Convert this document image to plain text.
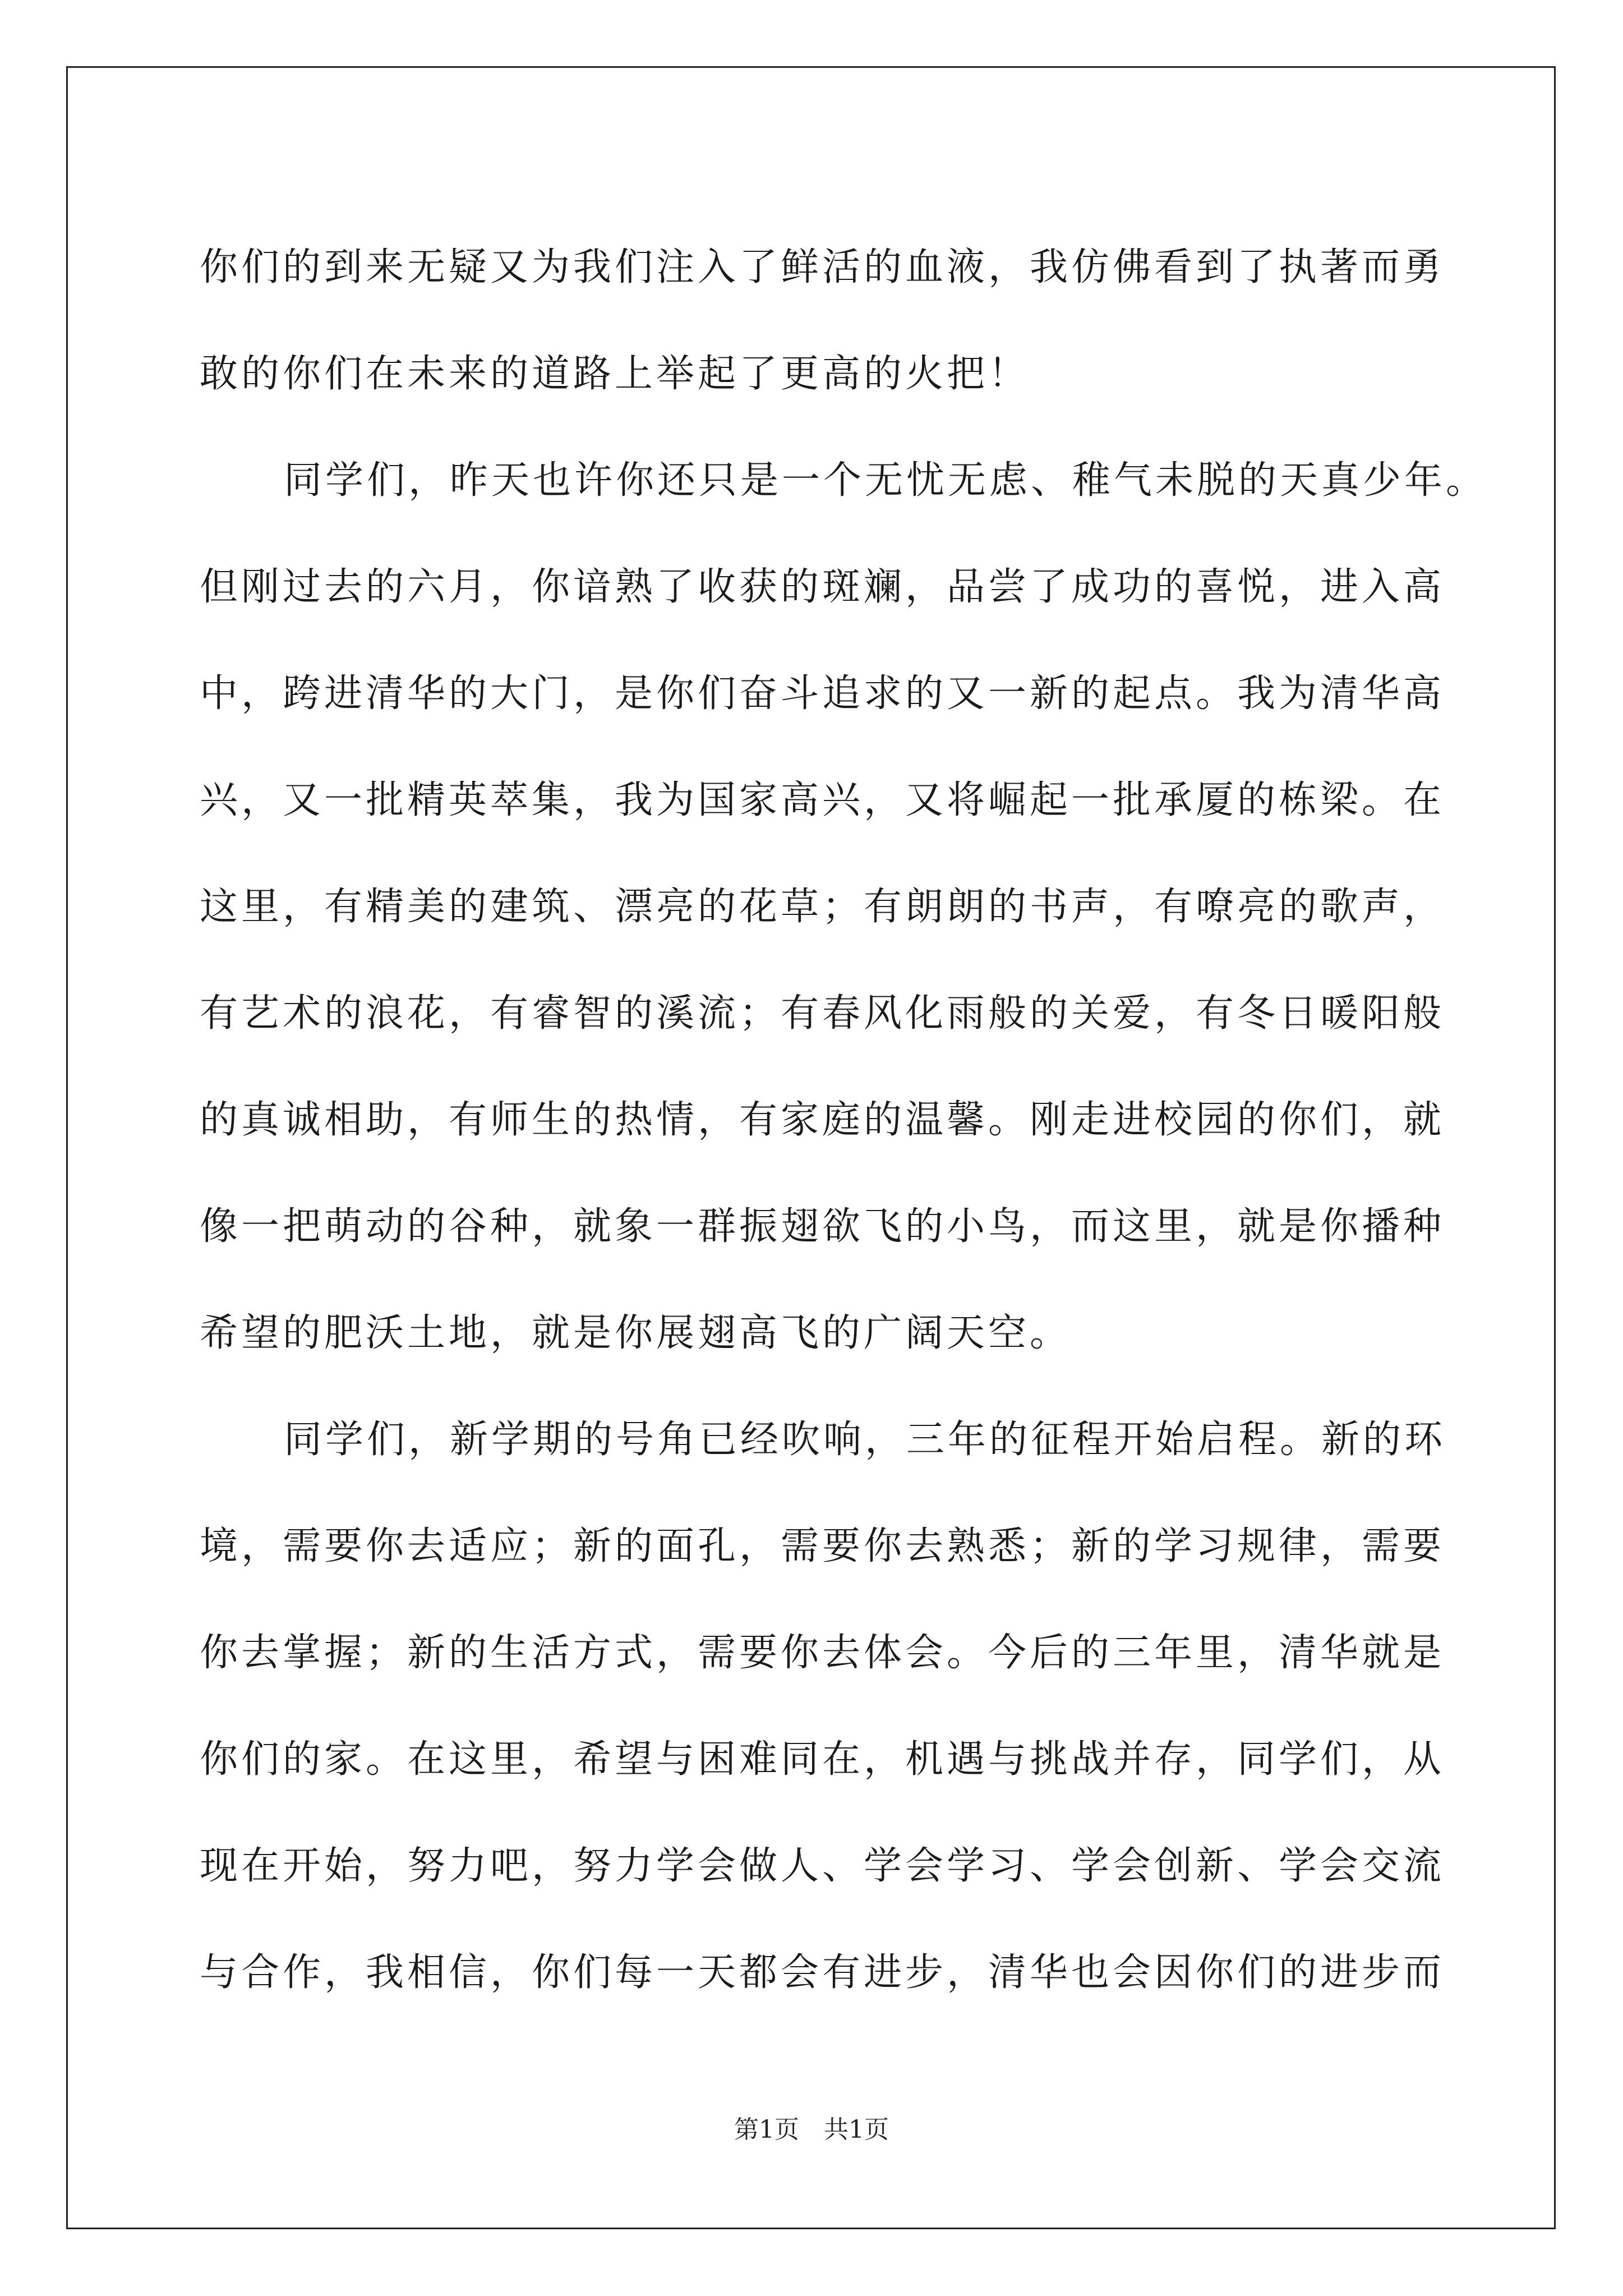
你们的到来无疑又为我们注入了鲜活的血液，我仿佛看到了执著而勇
敢的你们在未来的道路上举起了更高的火把！
同学们，昨天也许你还只是一个无忧无虑、稚气未脱的天真少年。
但刚过去的六月，你谙熟了收获的斑斓，品尝了成功的喜悦，进入高
中，跨进清华的大门，是你们奋斗追求的又一新的起点。我为清华高
兴，又一批精英萃集，我为国家高兴，又将崛起一批承厦的栋梁。在
这里，有精美的建筑、漂亮的花草；有朗朗的书声，有嘹亮的歌声，
有艺术的浪花，有睿智的溪流；有春风化雨般的关爱，有冬日暖阳般
的真诚相助，有师生的热情，有家庭的温馨。刚走进校园的你们，就
像一把萌动的谷种，就象一群振翅欲飞的小鸟，而这里，就是你播种
希望的肥沃土地，就是你展翅高飞的广阔天空。
同学们，新学期的号角已经吹响，三年的征程开始启程。新的环
境，需要你去适应；新的面孔，需要你去熟悉；新的学习规律，需要
你去掌握；新的生活方式，需要你去体会。今后的三年里，清华就是
你们的家。在这里，希望与困难同在，机遇与挑战并存，同学们，从
现在开始，努力吧，努力学会做人、学会学习、学会创新、学会交流
与合作，我相信，你们每一天都会有进步，清华也会因你们的进步而
第1页　共1页
